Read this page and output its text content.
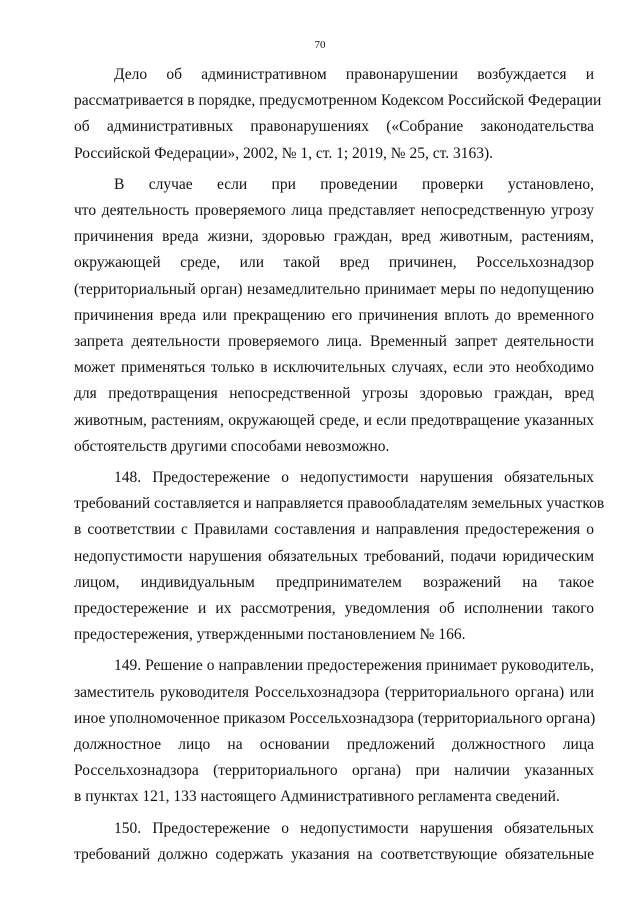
70

Дело об административном правонарушении возбуждается и
рассматривается в порядке, предусмотренном Кодексом Российской Федерации
об административных правонарушениях («Собрание законодательства
Российской Федерации», 2002, № 1, ст. 1; 2019, № 25, ст. 3163).

В случае если при проведении проверки установлено,
что деятельность проверяемого лица представляет непосредственную угрозу
причинения вреда жизни, здоровью граждан, вред животным, растениям,
окружающей среде, или такой вред причинен, Россельхознадзор
(территориальный орган) незамедлительно принимает меры по недопущению
причинения вреда или прекращению его причинения вплоть до временного
запрета деятельности проверяемого лица. Временный запрет деятельности
может применяться только в исключительных случаях, если это необходимо
для предотвращения непосредственной угрозы здоровью граждан, вред
животным, растениям, окружающей среде, и если предотвращение указанных
обстоятельств другими способами невозможно.

148. Предостережение о недопустимости нарушения обязательных
требований составляется и направляется правообладателям земельных участков
в соответствии с Правилами составления и направления предостережения о
недопустимости нарушения обязательных требований, подачи юридическим
лицом, индивидуальным предпринимателем возражений на такое
предостережение и их рассмотрения, уведомления об исполнении такого
предостережения, утвержденными постановлением № 166.

149. Решение о направлении предостережения принимает руководитель,
заместитель руководителя Россельхознадзора (территориального органа) или
иное уполномоченное приказом Россельхознадзора (территориального органа)
должностное лицо на основании предложений должностного лица
Россельхознадзора (территориального органа) при наличии указанных
в пунктах 121, 133 настоящего Административного регламента сведений.

150. Предостережение о недопустимости нарушения обязательных
требований должно содержать указания на соответствующие обязательные
